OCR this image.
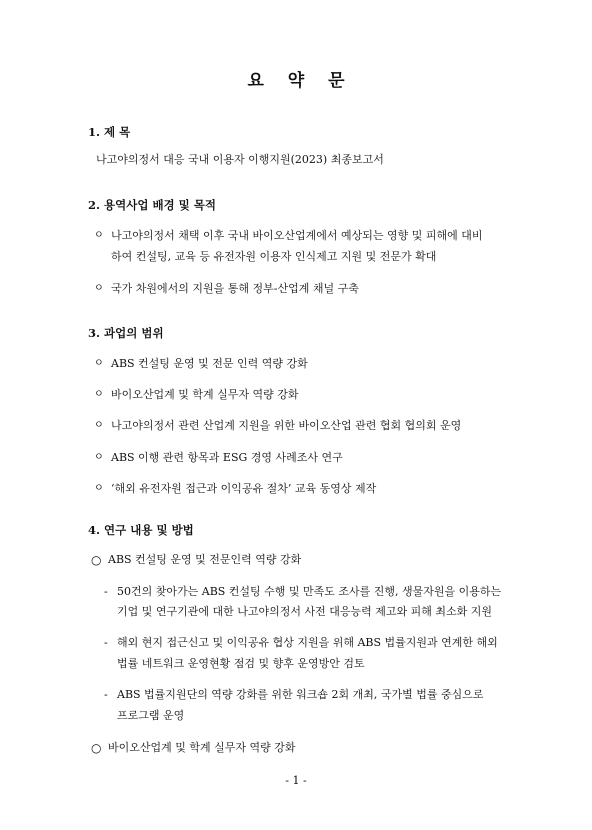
요 약 문
1. 제 목
나고야의정서 대응 국내 이용자 이행지원(2023) 최종보고서
2. 용역사업 배경 및 목적
ㅇ 나고야의정서 채택 이후 국내 바이오산업계에서 예상되는 영향 및 피해에 대비
하여 컨설팅, 교육 등 유전자원 이용자 인식제고 지원 및 전문가 확대
ㅇ 국가 차원에서의 지원을 통해 정부-산업계 채널 구축
3. 과업의 범위
ㅇ ABS 컨설팅 운영 및 전문 인력 역량 강화
ㅇ 바이오산업계 및 학계 실무자 역량 강화
ㅇ 나고야의정서 관련 산업계 지원을 위한 바이오산업 관련 협회 협의회 운영
ㅇ ABS 이행 관련 항목과 ESG 경영 사례조사 연구
ㅇ ‘해외 유전자원 접근과 이익공유 절차’ 교육 동영상 제작
4. 연구 내용 및 방법
○ ABS 컨설팅 운영 및 전문인력 역량 강화
- 50건의 찾아가는 ABS 컨설팅 수행 및 만족도 조사를 진행, 생물자원을 이용하는
기업 및 연구기관에 대한 나고야의정서 사전 대응능력 제고와 피해 최소화 지원
- 해외 현지 접근신고 및 이익공유 협상 지원을 위해 ABS 법률지원과 연계한 해외
법률 네트워크 운영현황 점검 및 향후 운영방안 검토
- ABS 법률지원단의 역량 강화를 위한 워크숍 2회 개최, 국가별 법률 중심으로
프로그램 운영
○ 바이오산업계 및 학계 실무자 역량 강화
- 1 -
